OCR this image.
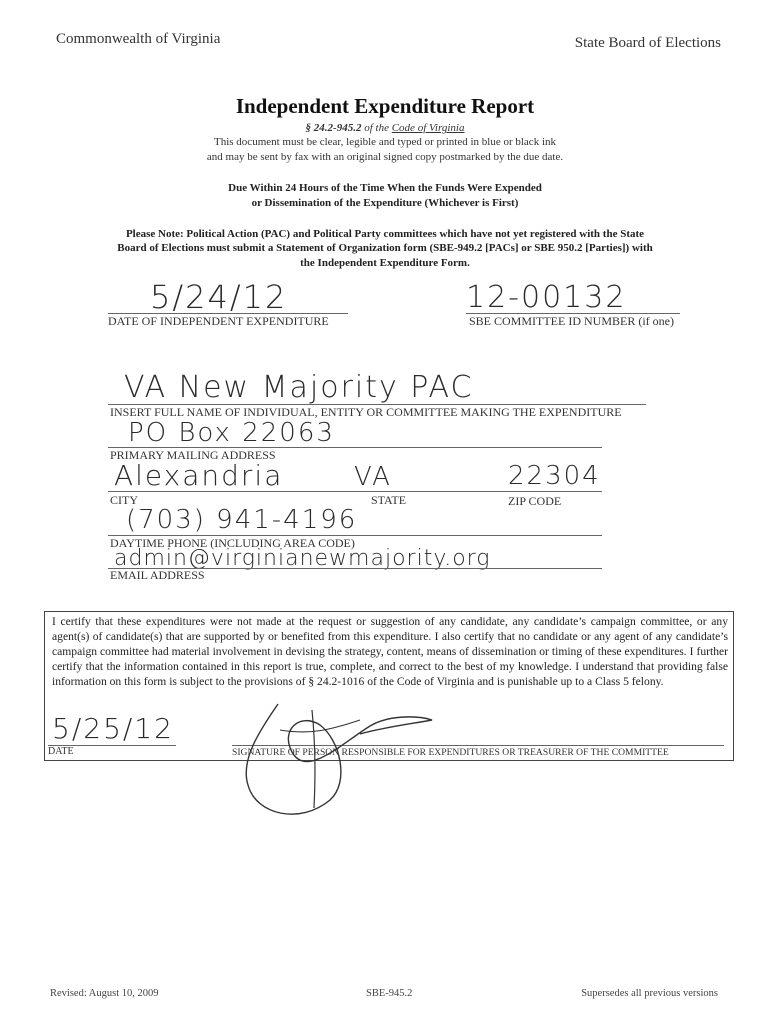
Commonwealth of Virginia	State Board of Elections
Independent Expenditure Report
§ 24.2-945.2 of the Code of Virginia
This document must be clear, legible and typed or printed in blue or black ink
and may be sent by fax with an original signed copy postmarked by the due date.
Due Within 24 Hours of the Time When the Funds Were Expended
or Dissemination of the Expenditure (Whichever is First)
Please Note: Political Action (PAC) and Political Party committees which have not yet registered with the State
Board of Elections must submit a Statement of Organization form (SBE-949.2 [PACs] or SBE 950.2 [Parties]) with
the Independent Expenditure Form.
5/24/12
DATE OF INDEPENDENT EXPENDITURE
12-00132
SBE COMMITTEE ID NUMBER (if one)
VA New Majority PAC
INSERT FULL NAME OF INDIVIDUAL, ENTITY OR COMMITTEE MAKING THE EXPENDITURE
PO Box 22063
PRIMARY MAILING ADDRESS
Alexandria
CITY
VA
STATE
22304
ZIP CODE
(703) 941-4196
DAYTIME PHONE (INCLUDING AREA CODE)
admin@virginianewmajority.org
EMAIL ADDRESS
I certify that these expenditures were not made at the request or suggestion of any candidate, any candidate’s campaign committee, or any agent(s) of candidate(s) that are supported by or benefited from this expenditure. I also certify that no candidate or any agent of any candidate’s campaign committee had material involvement in devising the strategy, content, means of dissemination or timing of these expenditures. I further certify that the information contained in this report is true, complete, and correct to the best of my knowledge. I understand that providing false information on this form is subject to the provisions of § 24.2-1016 of the Code of Virginia and is punishable up to a Class 5 felony.
5/25/12
DATE	SIGNATURE OF PERSON RESPONSIBLE FOR EXPENDITURES OR TREASURER OF THE COMMITTEE
Revised: August 10, 2009	SBE-945.2	Supersedes all previous versions
